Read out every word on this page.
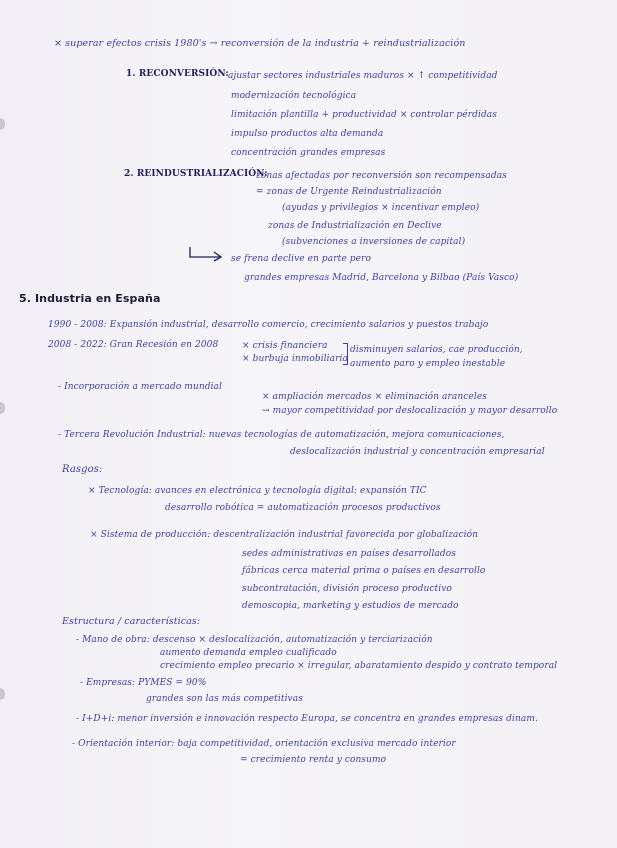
× superar efectos crisis 1980's → reconversión de la industria + reindustrialización
1. RECONVERSIÓN: ajustar sectores industriales maduros × ↑ competitividad
modernización tecnológica
limitación plantilla + productividad × controlar pérdidas
impulso productos alta demanda
concentración grandes empresas
2. REINDUSTRIALIZACIÓN:
zonas afectadas por reconversión son recompensadas
= zonas de Urgente Reindustrialización
(ayudas y privilegios × incentivar empleo)
zonas de Industrialización en Declive
(subvenciones a inversiones de capital)
se frena declive en parte pero
grandes empresas Madrid, Barcelona y Bilbao (País Vasco)
5. Industria en España
1990 - 2008: Expansión industrial, desarrollo comercio, crecimiento salarios y puestos trabajo
2008 - 2022: Gran Recesión en 2008	× crisis financiera
× burbuja inmobiliaria
disminuyen salarios, cae producción,
aumento paro y empleo inestable
- Incorporación a mercado mundial
× ampliación mercados × eliminación aranceles
→ mayor competitividad por deslocalización y mayor desarrollo
- Tercera Revolución Industrial: nuevas tecnologías de automatización, mejora comunicaciones,
deslocalización industrial y concentración empresarial
Rasgos:
× Tecnología: avances en electrónica y tecnología digital: expansión TIC
desarrollo robótica = automatización procesos productivos
× Sistema de producción: descentralización industrial favorecida por globalización
sedes administrativas en países desarrollados
fábricas cerca material prima o países en desarrollo
subcontratación, división proceso productivo
demoscopia, marketing y estudios de mercado
Estructura / características:
- Mano de obra: descenso × deslocalización, automatización y terciarización
aumento demanda empleo cualificado
crecimiento empleo precario × irregular, abaratamiento despido y contrato temporal
- Empresas: PYMES = 90%
grandes son las más competitivas
- I+D+i: menor inversión e innovación respecto Europa, se concentra en grandes empresas dinam.
- Orientación interior: baja competitividad, orientación exclusiva mercado interior
= crecimiento renta y consumo
